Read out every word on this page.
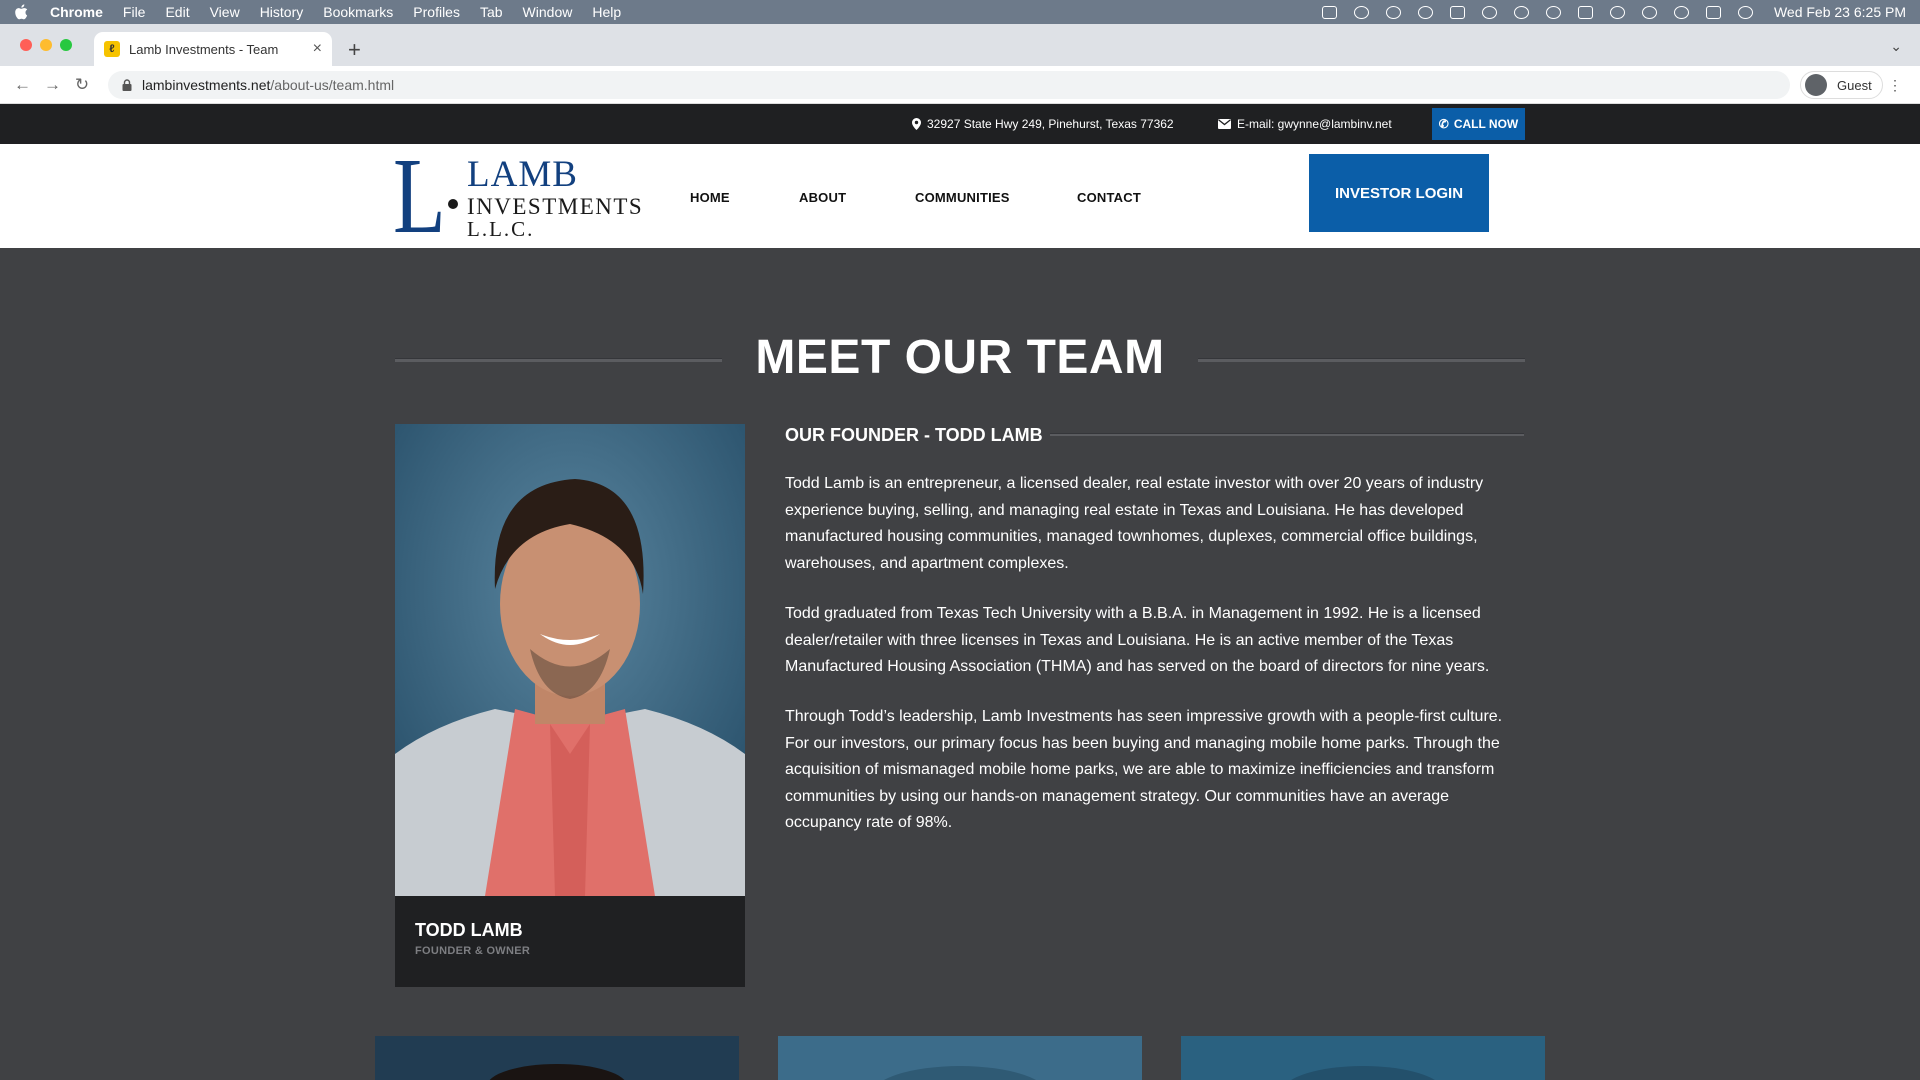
Chrome File Edit View History Bookmarks Profiles Tab Window Help	Wed Feb 23 6:25 PM
ℓ	Lamb Investments - Team × +	⌄
← → ↻	lambinvestments.net /about-us/team.html	Guest ⋮
32927 State Hwy 249, Pinehurst, Texas 77362	E-mail: gwynne@lambinv.net	✆ CALL NOW
L LAMB
INVESTMENTS
L.L.C.
HOME	ABOUT	COMMUNITIES	CONTACT	INVESTOR LOGIN
MEET OUR TEAM
TODD LAMB
FOUNDER & OWNER
OUR FOUNDER - TODD LAMB

Todd Lamb is an entrepreneur, a licensed dealer, real estate investor with over 20 years of industry experience buying, selling, and managing real estate in Texas and Louisiana. He has developed manufactured housing communities, managed townhomes, duplexes, commercial office buildings, warehouses, and apartment complexes.

Todd graduated from Texas Tech University with a B.B.A. in Management in 1992. He is a licensed dealer/retailer with three licenses in Texas and Louisiana. He is an active member of the Texas Manufactured Housing Association (THMA) and has served on the board of directors for nine years.

Through Todd’s leadership, Lamb Investments has seen impressive growth with a people-first culture. For our investors, our primary focus has been buying and managing mobile home parks. Through the acquisition of mismanaged mobile home parks, we are able to maximize inefficiencies and transform communities by using our hands-on management strategy. Our communities have an average occupancy rate of 98%.
